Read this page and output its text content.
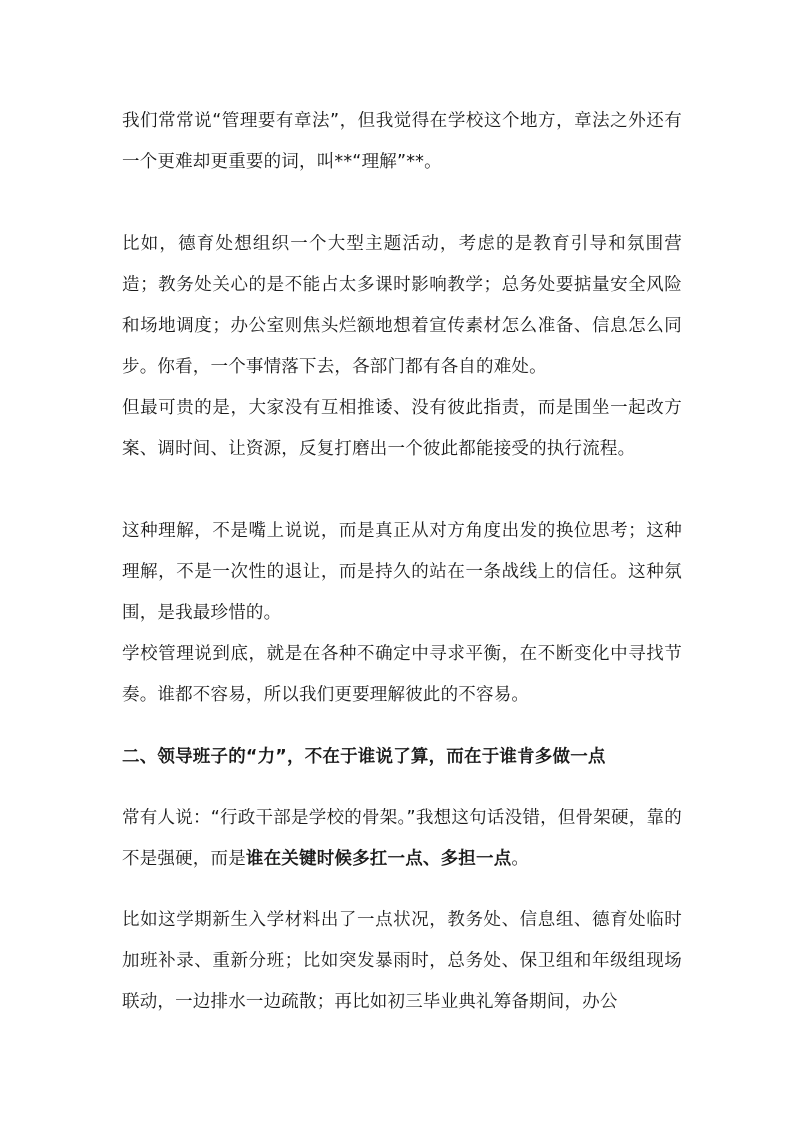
我们常常说“管理要有章法”，但我觉得在学校这个地方，章法之外还有一个更难却更重要的词，叫**“理解”**。

比如，德育处想组织一个大型主题活动，考虑的是教育引导和氛围营造；教务处关心的是不能占太多课时影响教学；总务处要掂量安全风险和场地调度；办公室则焦头烂额地想着宣传素材怎么准备、信息怎么同步。你看，一个事情落下去，各部门都有各自的难处。

但最可贵的是，大家没有互相推诿、没有彼此指责，而是围坐一起改方案、调时间、让资源，反复打磨出一个彼此都能接受的执行流程。

这种理解，不是嘴上说说，而是真正从对方角度出发的换位思考；这种理解，不是一次性的退让，而是持久的站在一条战线上的信任。这种氛围，是我最珍惜的。

学校管理说到底，就是在各种不确定中寻求平衡，在不断变化中寻找节奏。谁都不容易，所以我们更要理解彼此的不容易。

二、领导班子的“力”，不在于谁说了算，而在于谁肯多做一点

常有人说：“行政干部是学校的骨架。”我想这句话没错，但骨架硬，靠的不是强硬，而是谁在关键时候多扛一点、多担一点。

比如这学期新生入学材料出了一点状况，教务处、信息组、德育处临时加班补录、重新分班；比如突发暴雨时，总务处、保卫组和年级组现场联动，一边排水一边疏散；再比如初三毕业典礼筹备期间，办公
